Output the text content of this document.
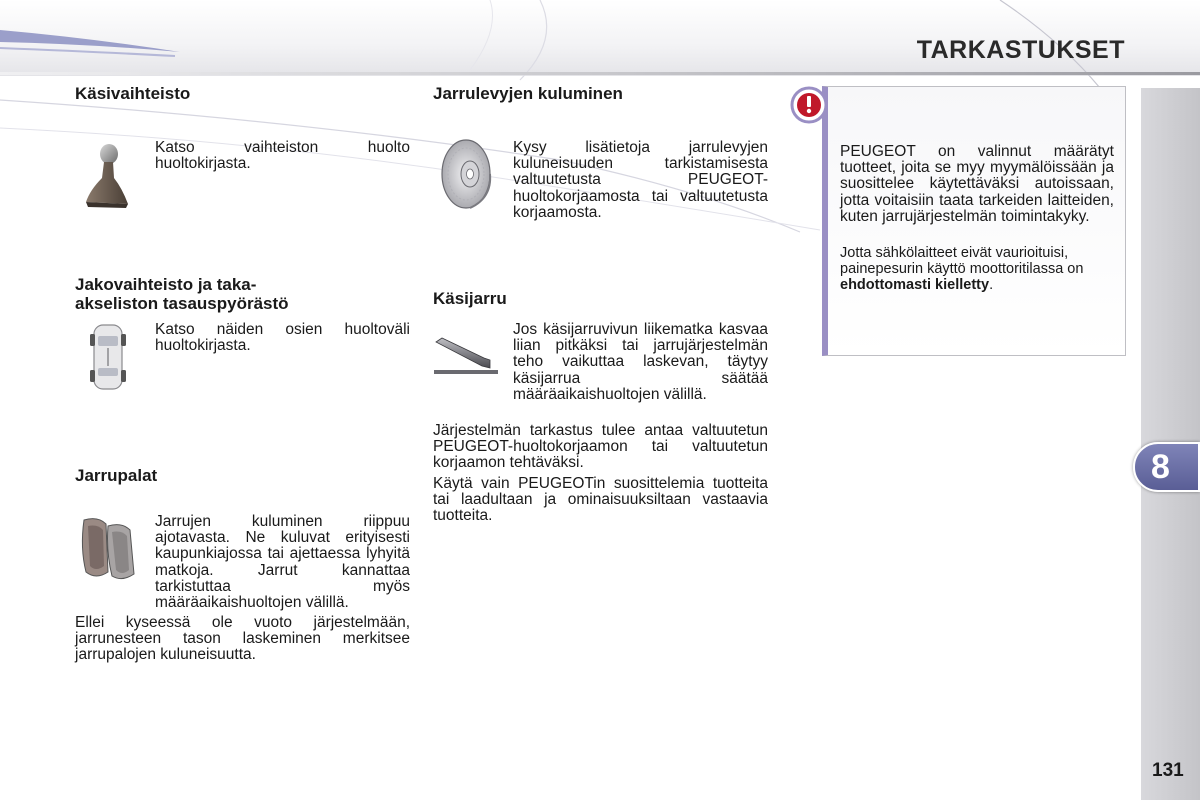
TARKASTUKSET
8
131
Käsivaihteisto
Katso vaihteiston huolto huoltokirjasta.
Jakovaihteisto ja taka-
akseliston tasauspyörästö
Katso näiden osien huoltoväli huoltokirjasta.
Jarrupalat
Jarrujen kuluminen riippuu ajotavasta. Ne kuluvat erityisesti kaupunkiajossa tai ajettaessa lyhyitä matkoja. Jarrut kannattaa tarkistuttaa myös määräaikaishuoltojen välillä.
Ellei kyseessä ole vuoto järjestelmään, jarrunesteen tason laskeminen merkitsee jarrupalojen kuluneisuutta.
Jarrulevyjen kuluminen
Kysy lisätietoja jarrulevyjen kuluneisuuden tarkistamisesta valtuutetusta PEUGEOT-huoltokorjaamosta tai valtuutetusta korjaamosta.
Käsijarru
Jos käsijarruvivun liikematka kasvaa liian pitkäksi tai jarrujärjestelmän teho vaikuttaa laskevan, täytyy käsijarrua säätää määräaikaishuoltojen välillä.
Järjestelmän tarkastus tulee antaa valtuutetun PEUGEOT-huoltokorjaamon tai valtuutetun korjaamon tehtäväksi.
Käytä vain PEUGEOTin suosittelemia tuotteita tai laadultaan ja ominaisuuksiltaan vastaavia tuotteita.
PEUGEOT on valinnut määrätyt tuotteet, joita se myy myymälöissään ja suosittelee käytettäväksi autoissaan, jotta voitaisiin taata tarkeiden laitteiden, kuten jarrujärjestelmän toimintakyky.
Jotta sähkölaitteet eivät vaurioituisi, painepesurin käyttö moottoritilassa on ehdottomasti kielletty.
